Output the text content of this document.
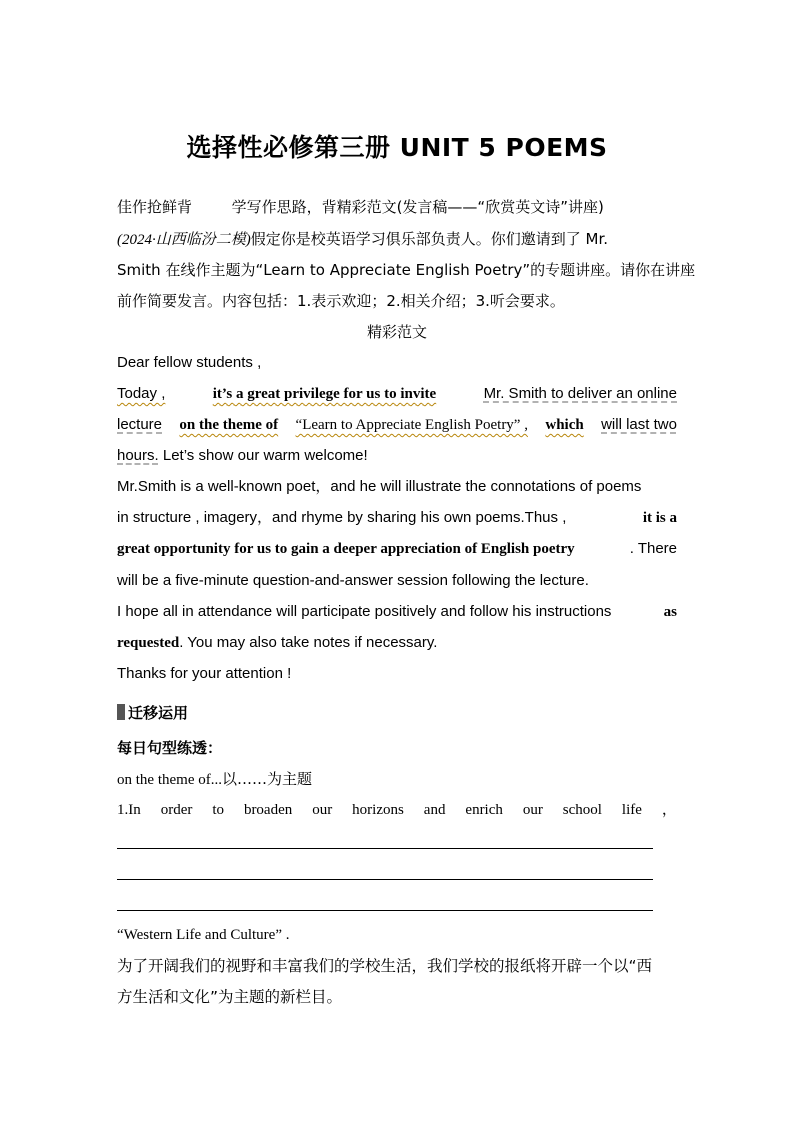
选择性必修第三册 UNIT 5 POEMS
佳作抢鲜背	学写作思路，背精彩范文(发言稿——“欣赏英文诗”讲座)
(2024·山西临汾二模)假定你是校英语学习俱乐部负责人。你们邀请到了 Mr.
Smith 在线作主题为“Learn to Appreciate English Poetry”的专题讲座。请你在讲座
前作简要发言。内容包括：1.表示欢迎；2.相关介绍；3.听会要求。
精彩范文
Dear fellow students ,
Today ,	it’s a great privilege for us to invite	Mr. Smith to deliver an online
lecture on the theme of “Learn to Appreciate English Poetry” , which will last two
hours. Let’s show our warm welcome!
Mr.Smith is a well-known poet，and he will illustrate the connotations of poems
in structure , imagery，and rhyme by sharing his own poems.Thus ,	it is a
great opportunity for us to gain a deeper appreciation of English poetry	. There
will be a five-minute question-and-answer session following the lecture.
I hope all in attendance will participate positively and follow his instructions	as
requested. You may also take notes if necessary.
Thanks for your attention !
迁移运用
每日句型练透：
on the theme of...以……为主题
1.In order to broaden our horizons and enrich our school life ，
“Western Life and Culture” .
为了开阔我们的视野和丰富我们的学校生活，我们学校的报纸将开辟一个以“西
方生活和文化”为主题的新栏目。
